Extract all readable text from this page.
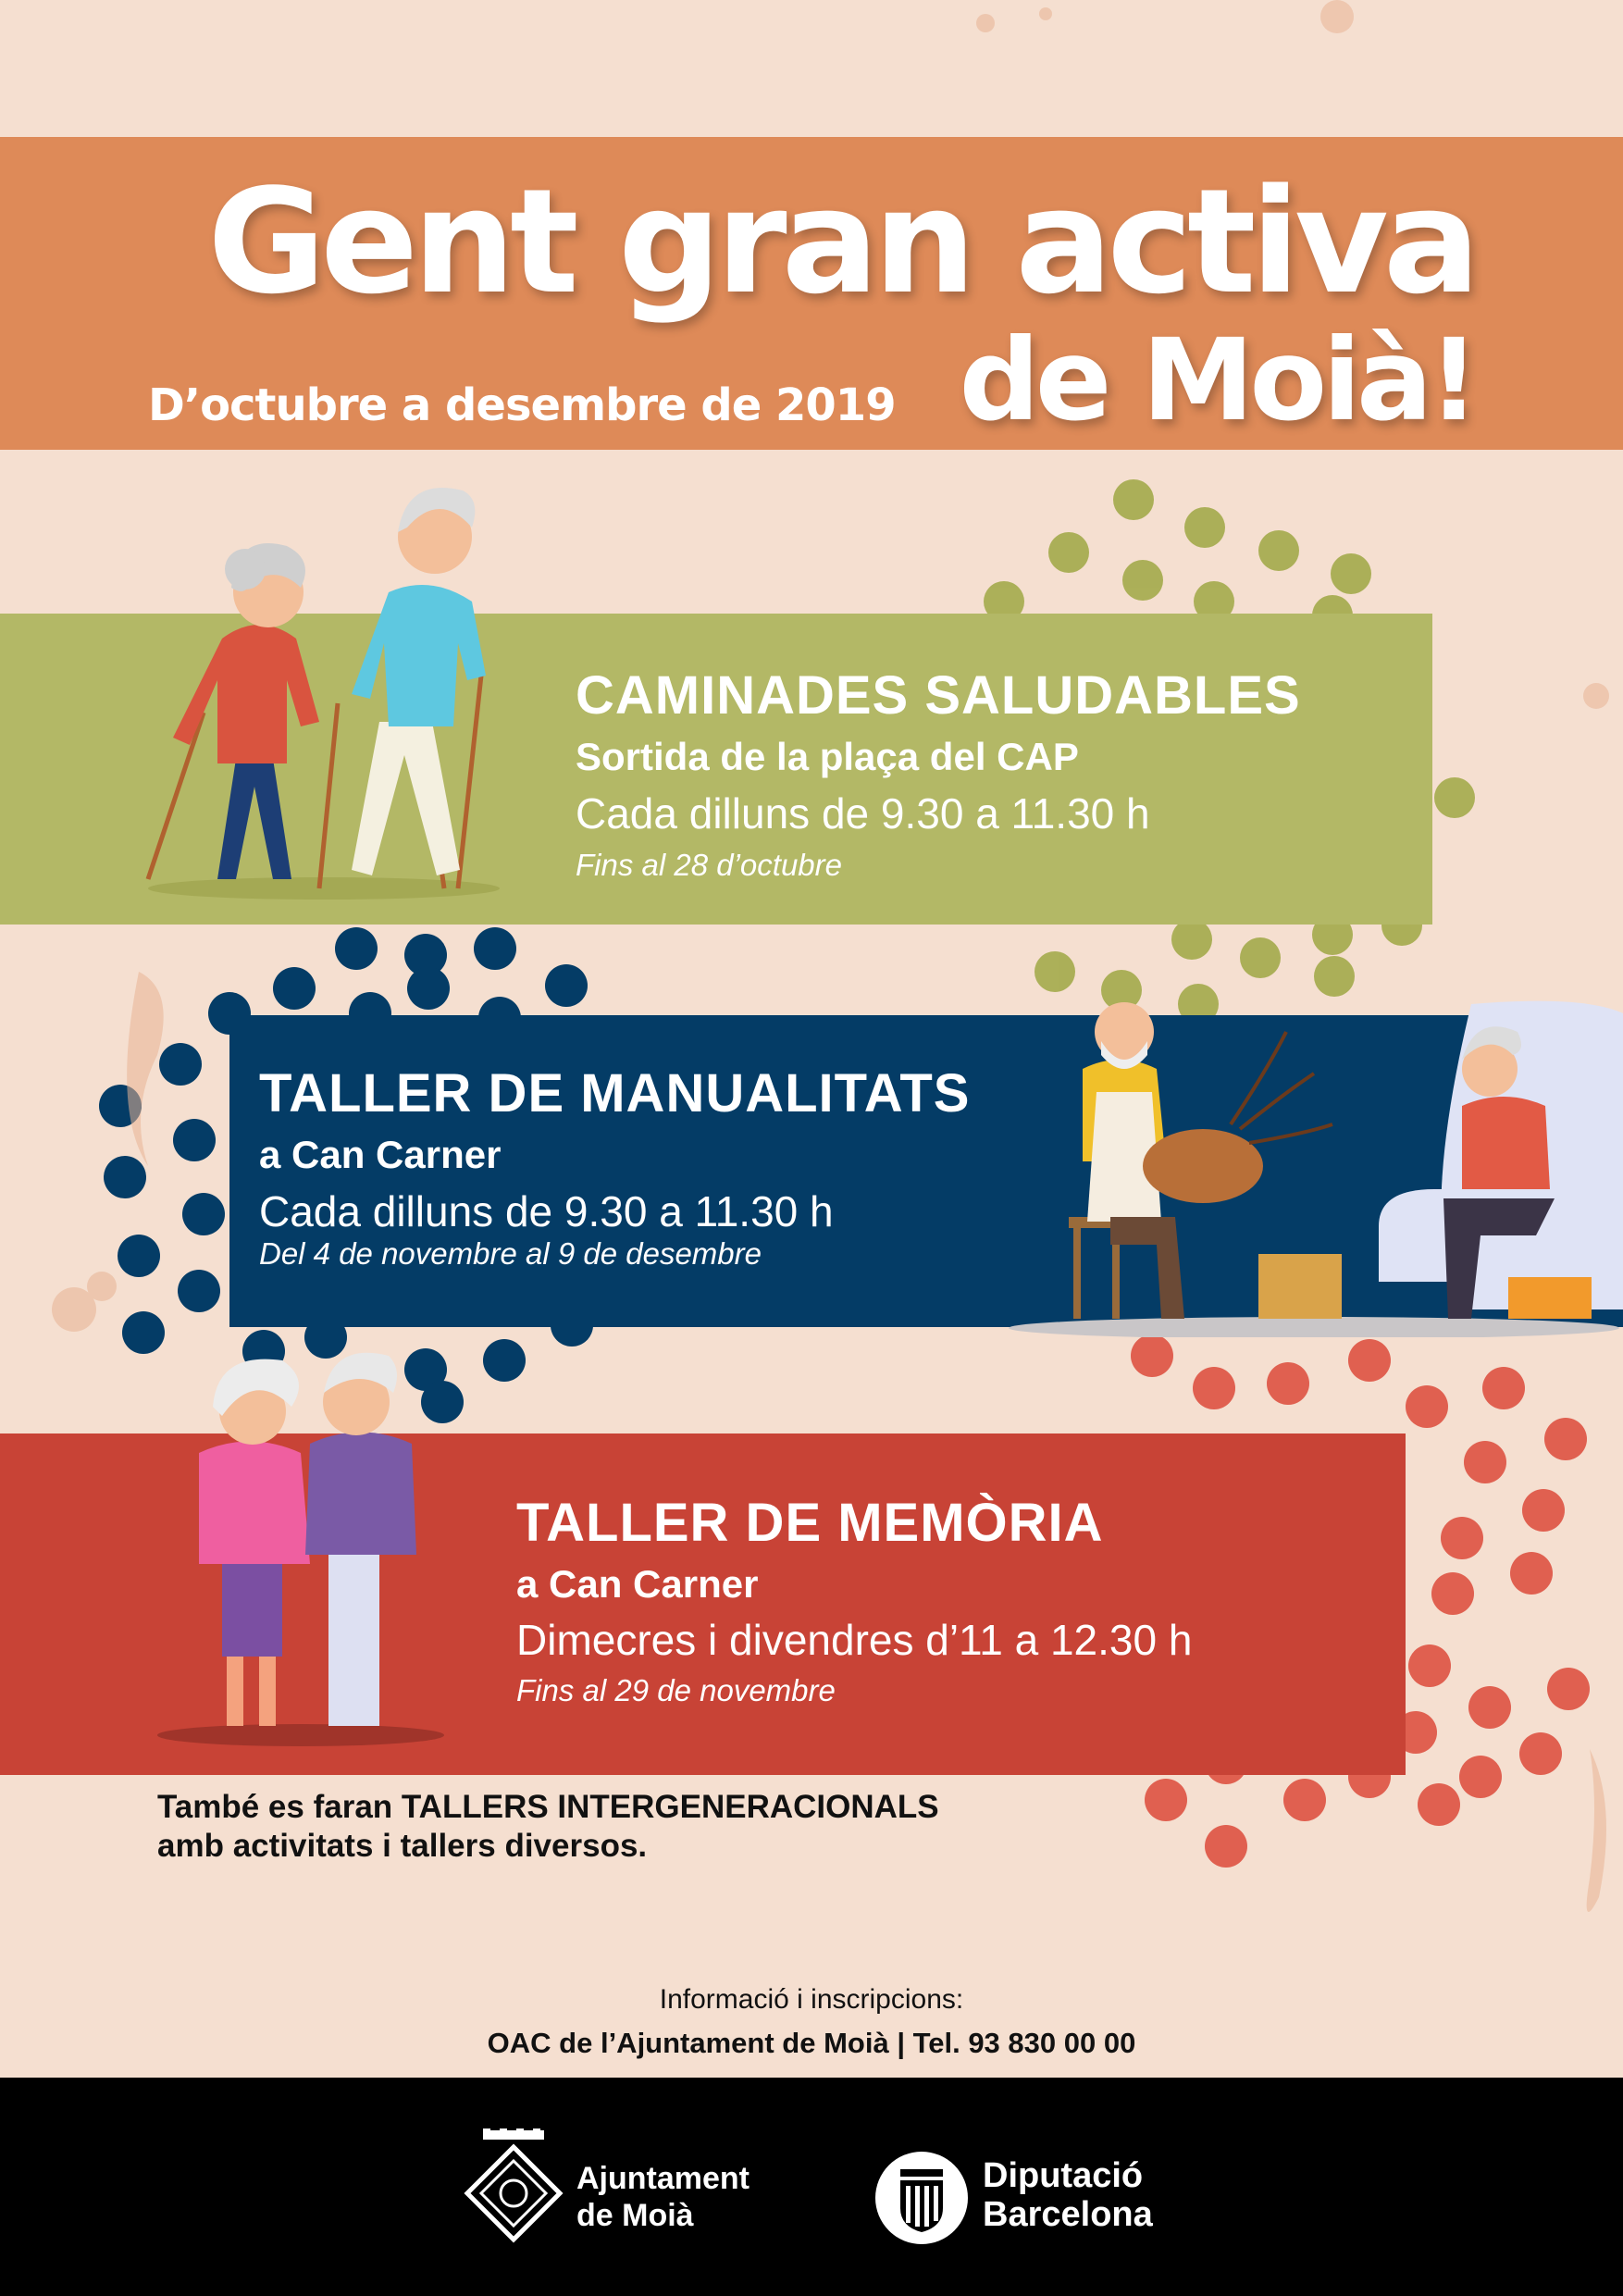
Gent gran activa
de Moià!
D’octubre a desembre de 2019
CAMINADES SALUDABLES
Sortida de la plaça del CAP
Cada dilluns de 9.30 a 11.30 h
Fins al 28 d’octubre
TALLER DE MANUALITATS
a Can Carner
Cada dilluns de 9.30 a 11.30 h
Del 4 de novembre al 9 de desembre
TALLER DE MEMÒRIA
a Can Carner
Dimecres i divendres d’11 a 12.30 h
Fins al 29 de novembre
També es faran TALLERS INTERGENERACIONALS
amb activitats i tallers diversos.
Informació i inscripcions:
OAC de l’Ajuntament de Moià | Tel. 93 830 00 00
Ajuntament
de Moià
Diputació
Barcelona
